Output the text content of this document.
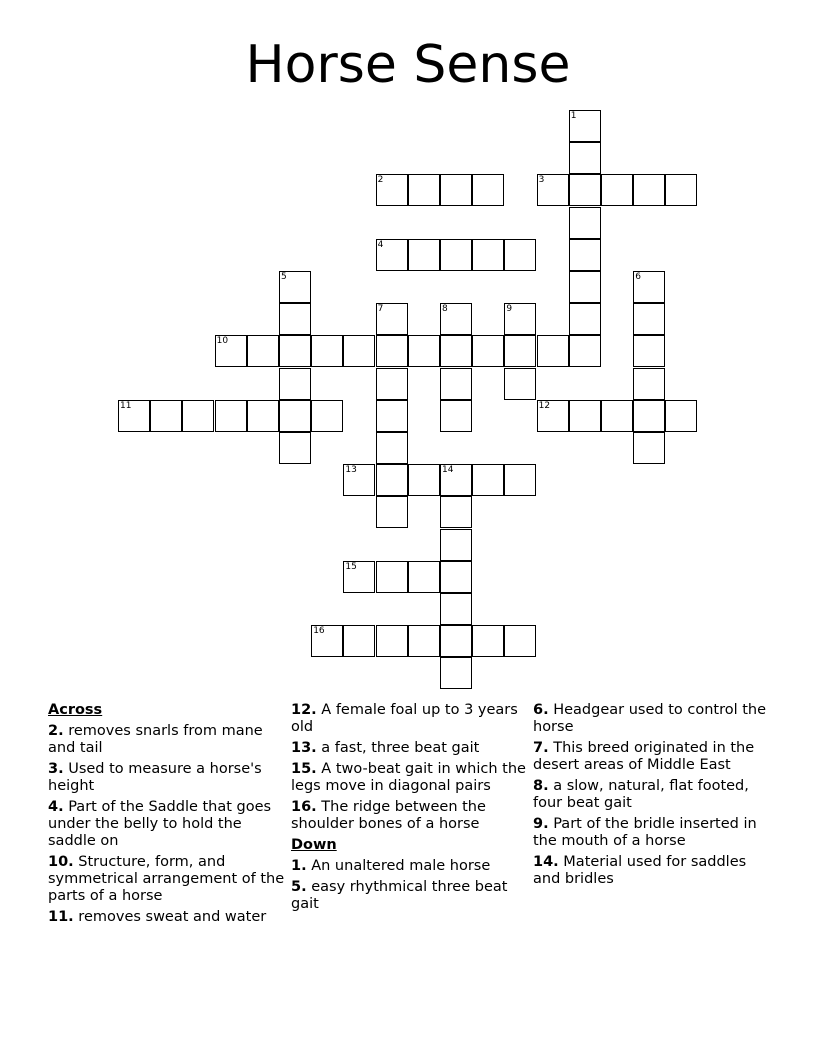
Horse Sense
1
2	3
4
5	6
7	8	9
10
11	12
13	14
15
16
Across
2. removes snarls from mane and tail
3. Used to measure a horse's height
4. Part of the Saddle that goes under the belly to hold the saddle on
10. Structure, form, and symmetrical arrangement of the parts of a horse
11. removes sweat and water
12. A female foal up to 3 years old
13. a fast, three beat gait
15. A two-beat gait in which the legs move in diagonal pairs
16. The ridge between the shoulder bones of a horse
Down
1. An unaltered male horse
5. easy rhythmical three beat gait
6. Headgear used to control the horse
7. This breed originated in the desert areas of Middle East
8. a slow, natural, flat footed, four beat gait
9. Part of the bridle inserted in the mouth of a horse
14. Material used for saddles and bridles
